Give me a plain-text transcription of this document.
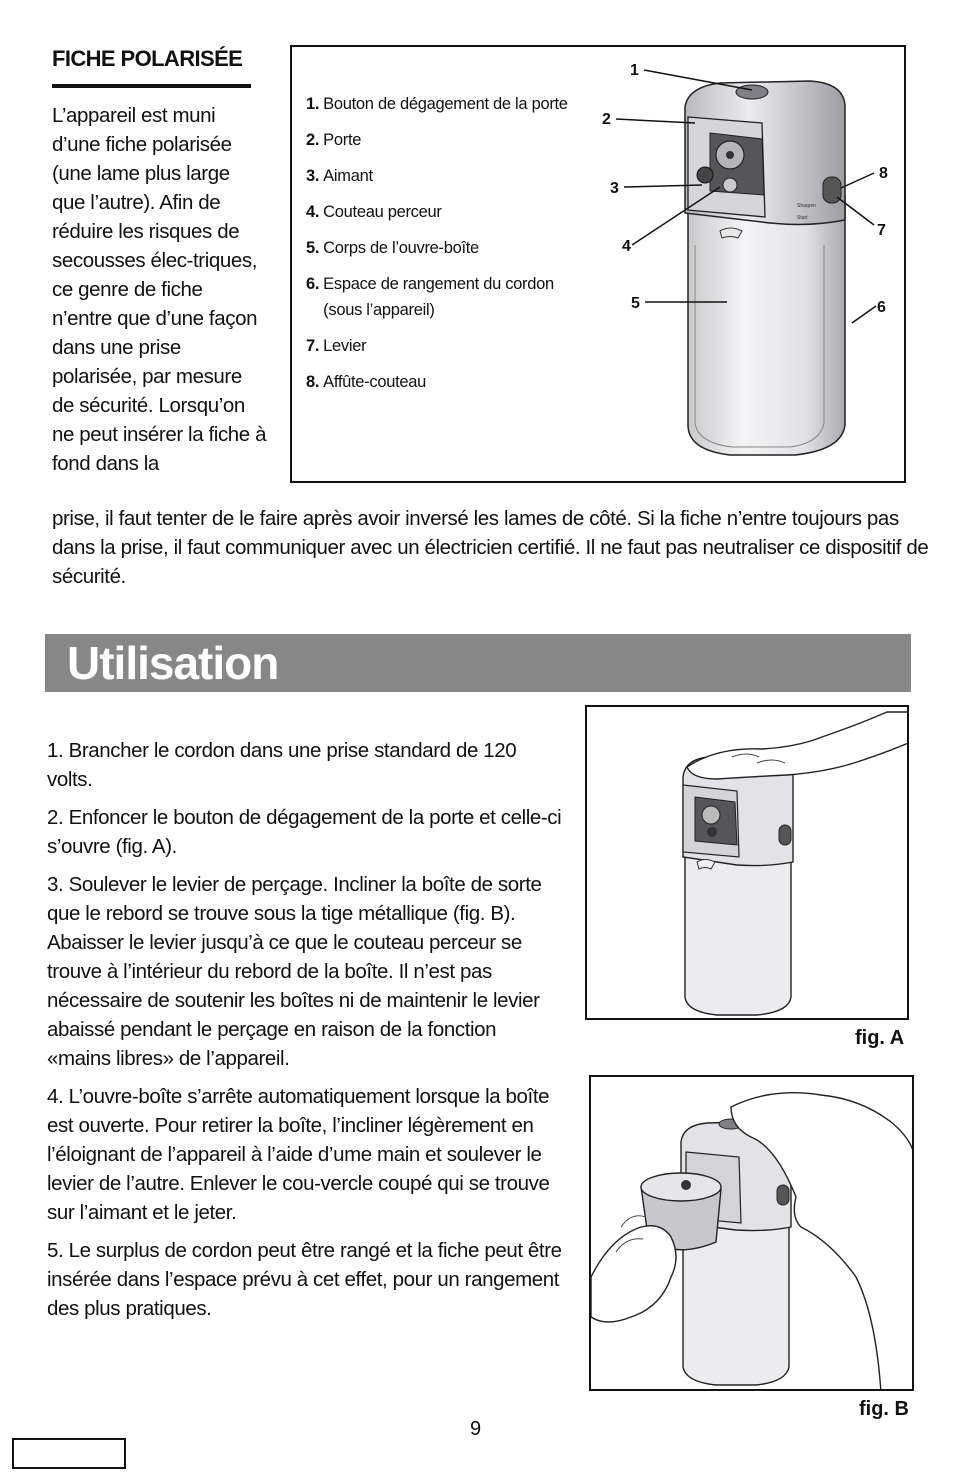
FICHE POLARISÉE
L’appareil est muni d’une fiche polarisée (une lame plus large que l’autre). Afin de réduire les risques de secousses élec-triques, ce genre de fiche n’entre que d’une façon dans une prise polarisée, par mesure de sécurité. Lorsqu’on ne peut insérer la fiche à fond dans la
prise, il faut tenter de le faire après avoir inversé les lames de côté. Si la fiche n’entre toujours pas dans la prise, il faut communiquer avec un électricien certifié. Il ne faut pas neutraliser ce dispositif de sécurité.
1. Bouton de dégagement de la porte
2. Porte
3. Aimant
4. Couteau perceur
5. Corps de l’ouvre-boîte
6. Espace de rangement du cordon (sous l’appareil)
7. Levier
8. Affûte-couteau
Sharpen
Start
1
2
3
4
5	6
7
8
Utilisation

1. Brancher le cordon dans une prise standard de 120 volts.

2. Enfoncer le bouton de dégagement de la porte et celle-ci s’ouvre (fig. A).

3. Soulever le levier de perçage. Incliner la boîte de sorte que le rebord se trouve sous la tige métallique (fig. B). Abaisser le levier jusqu’à ce que le couteau perceur se trouve à l’intérieur du rebord de la boîte. Il n’est pas nécessaire de soutenir les boîtes ni de maintenir le levier abaissé pendant le perçage en raison de la fonction «mains libres» de l’appareil.

4. L’ouvre-boîte s’arrête automatiquement lorsque la boîte est ouverte. Pour retirer la boîte, l’incliner légèrement en l’éloignant de l’appareil à l’aide d’ume main et soulever le levier de l’autre. Enlever le cou-vercle coupé qui se trouve sur l’aimant et le jeter.

5. Le surplus de cordon peut être rangé et la fiche peut être insérée dans l’espace prévu à cet effet, pour un rangement des plus pratiques.

fig. A
fig. B
9
